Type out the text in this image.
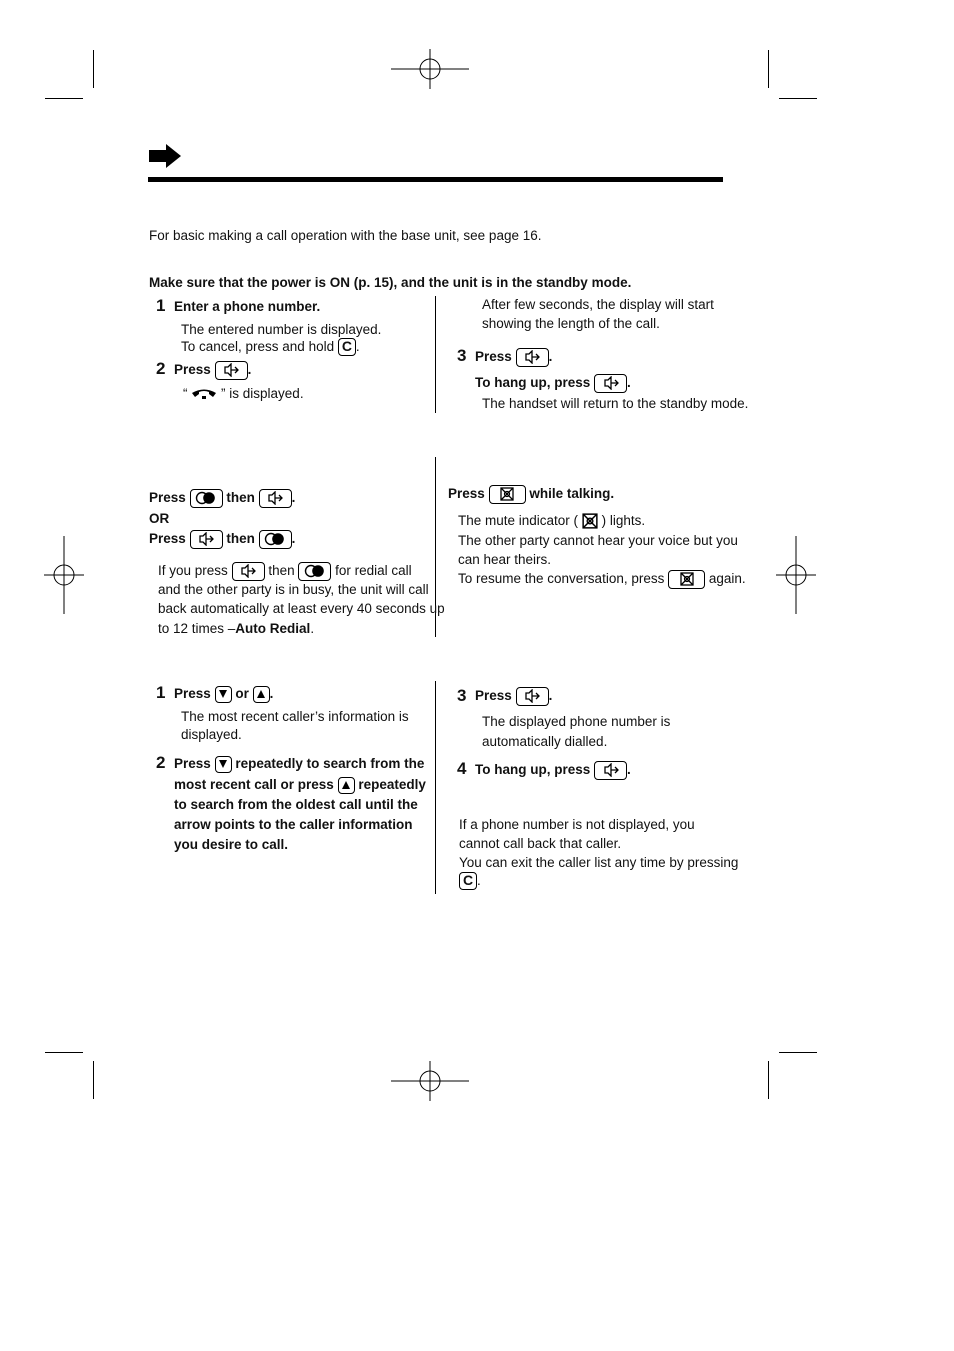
For basic making a call operation with the base unit, see page 16.
Make sure that the power is ON (p. 15), and the unit is in the standby mode.
1 Enter a phone number.
The entered number is displayed.
To cancel, press and hold C .
2 Press	.
“ ” is displayed.
After few seconds, the display will start
showing the length of the call.
3 Press	.
To hang up, press	.
The handset will return to the standby mode.
Press	then	.
OR
Press	then	.
If you press	then	for redial call
and the other party is in busy, the unit will call
back automatically at least every 40 seconds up
to 12 times –Auto Redial.
Press	while talking.
The mute indicator ( ) lights.
The other party cannot hear your voice but you
can hear theirs.
To resume the conversation, press	again.
1 Press or .
The most recent caller’s information is
displayed.
2 Press repeatedly to search from the
most recent call or press repeatedly
to search from the oldest call until the
arrow points to the caller information
you desire to call.
3 Press	.
The displayed phone number is
automatically dialled.
4 To hang up, press	.
If a phone number is not displayed, you
cannot call back that caller.
You can exit the caller list any time by pressing
C .
